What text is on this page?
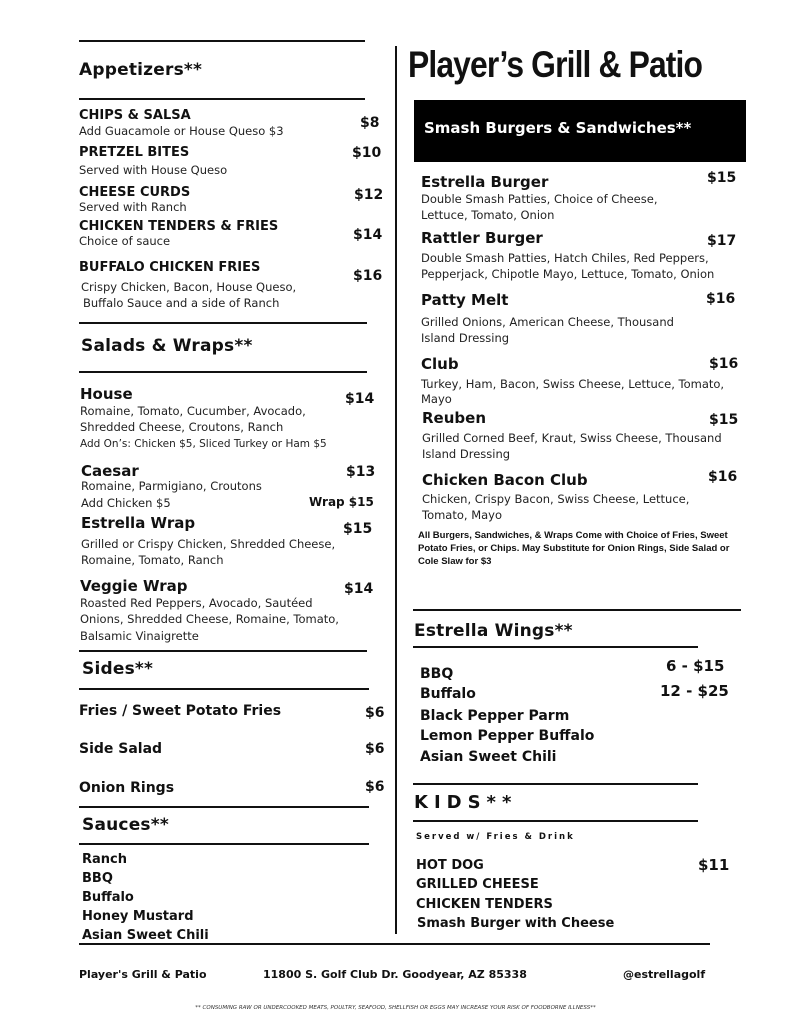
Appetizers**
CHIPS & SALSA
Add Guacamole or House Queso $3	$8
PRETZEL BITES
Served with House Queso
$10
CHEESE CURDS
Served with Ranch
$12
CHICKEN TENDERS & FRIES
Choice of sauce	$14
BUFFALO CHICKEN FRIES
Crispy Chicken, Bacon, House Queso,
Buffalo Sauce and a side of Ranch
$16
Salads & Wraps**
House
Romaine, Tomato, Cucumber, Avocado,
Shredded Cheese, Croutons, Ranch
Add On’s: Chicken $5, Sliced Turkey or Ham $5
$14
Caesar
Romaine, Parmigiano, Croutons
Add Chicken $5	Wrap $15
$13
Estrella Wrap
Grilled or Crispy Chicken, Shredded Cheese,
Romaine, Tomato, Ranch
$15
Veggie Wrap
Roasted Red Peppers, Avocado, Sautéed
Onions, Shredded Cheese, Romaine, Tomato,
Balsamic Vinaigrette
$14
Sides**
Fries / Sweet Potato Fries	$6
Side Salad	$6
Onion Rings	$6
Sauces**
Ranch
BBQ
Buffalo
Honey Mustard
Asian Sweet Chili
Player’s Grill & Patio
Smash Burgers & Sandwiches**
Estrella Burger
Double Smash Patties, Choice of Cheese,
Lettuce, Tomato, Onion
$15
Rattler Burger
Double Smash Patties, Hatch Chiles, Red Peppers,
Pepperjack, Chipotle Mayo, Lettuce, Tomato, Onion
$17
Patty Melt
Grilled Onions, American Cheese, Thousand
Island Dressing
$16
Club
Turkey, Ham, Bacon, Swiss Cheese, Lettuce, Tomato,
Mayo
$16
Reuben
Grilled Corned Beef, Kraut, Swiss Cheese, Thousand
Island Dressing
$15
Chicken Bacon Club
Chicken, Crispy Bacon, Swiss Cheese, Lettuce,
Tomato, Mayo
$16
All Burgers, Sandwiches, & Wraps Come with Choice of Fries, Sweet
Potato Fries, or Chips. May Substitute for Onion Rings, Side Salad or
Cole Slaw for $3
Estrella Wings**
BBQ
Buffalo
Black Pepper Parm
Lemon Pepper Buffalo
Asian Sweet Chili
6 - $15
12 - $25
KIDS**
Served w/ Fries & Drink
HOT DOG
GRILLED CHEESE
CHICKEN TENDERS
Smash Burger with Cheese
$11
Player's Grill & Patio	11800 S. Golf Club Dr. Goodyear, AZ 85338	@estrellagolf
** CONSUMING RAW OR UNDERCOOKED MEATS, POULTRY, SEAFOOD, SHELLFISH OR EGGS MAY INCREASE YOUR RISK OF FOODBORNE ILLNESS**
